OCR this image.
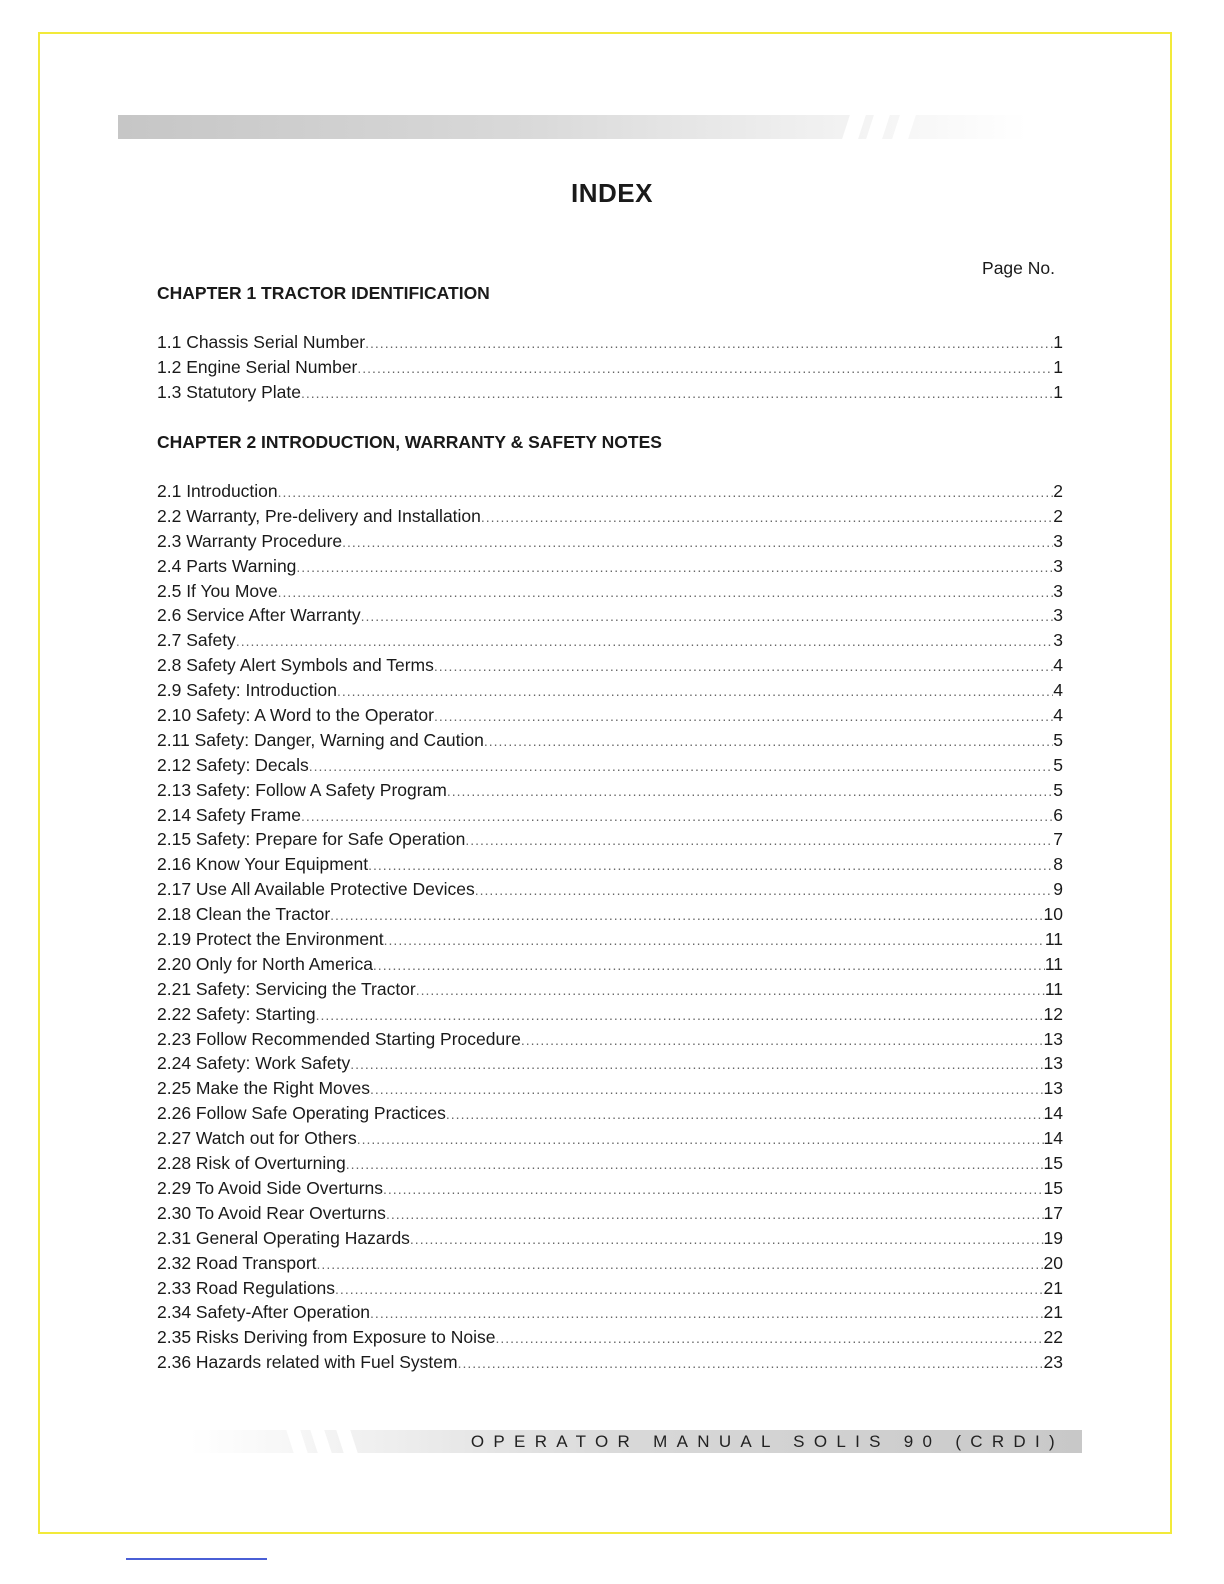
INDEX
Page No.
CHAPTER 1 TRACTOR IDENTIFICATION
1.1 Chassis Serial Number .....	1
1.2 Engine Serial Number .....	1
1.3 Statutory Plate .....	1
CHAPTER 2 INTRODUCTION, WARRANTY & SAFETY NOTES
2.1 Introduction .....	2
2.2 Warranty, Pre-delivery and Installation .....	2
2.3 Warranty Procedure .....	3
2.4 Parts Warning .....	3
2.5 If You Move .....	3
2.6 Service After Warranty .....	3
2.7 Safety .....	3
2.8 Safety Alert Symbols and Terms .....	4
2.9 Safety: Introduction .....	4
2.10 Safety: A Word to the Operator .....	4
2.11 Safety: Danger, Warning and Caution .....	5
2.12 Safety: Decals .....	5
2.13 Safety: Follow A Safety Program .....	5
2.14 Safety Frame .....	6
2.15 Safety: Prepare for Safe Operation .....	7
2.16 Know Your Equipment .....	8
2.17 Use All Available Protective Devices .....	9
2.18 Clean the Tractor .....	10
2.19 Protect the Environment .....	11
2.20 Only for North America .....	11
2.21 Safety: Servicing the Tractor .....	11
2.22 Safety: Starting .....	12
2.23 Follow Recommended Starting Procedure .....	13
2.24 Safety: Work Safety .....	13
2.25 Make the Right Moves .....	13
2.26 Follow Safe Operating Practices .....	14
2.27 Watch out for Others .....	14
2.28 Risk of Overturning .....	15
2.29 To Avoid Side Overturns .....	15
2.30 To Avoid Rear Overturns .....	17
2.31 General Operating Hazards .....	19
2.32 Road Transport .....	20
2.33 Road Regulations .....	21
2.34 Safety-After Operation .....	21
2.35 Risks Deriving from Exposure to Noise .....	22
2.36 Hazards related with Fuel System .....	23
OPERATOR MANUAL SOLIS 90 (CRDI)
